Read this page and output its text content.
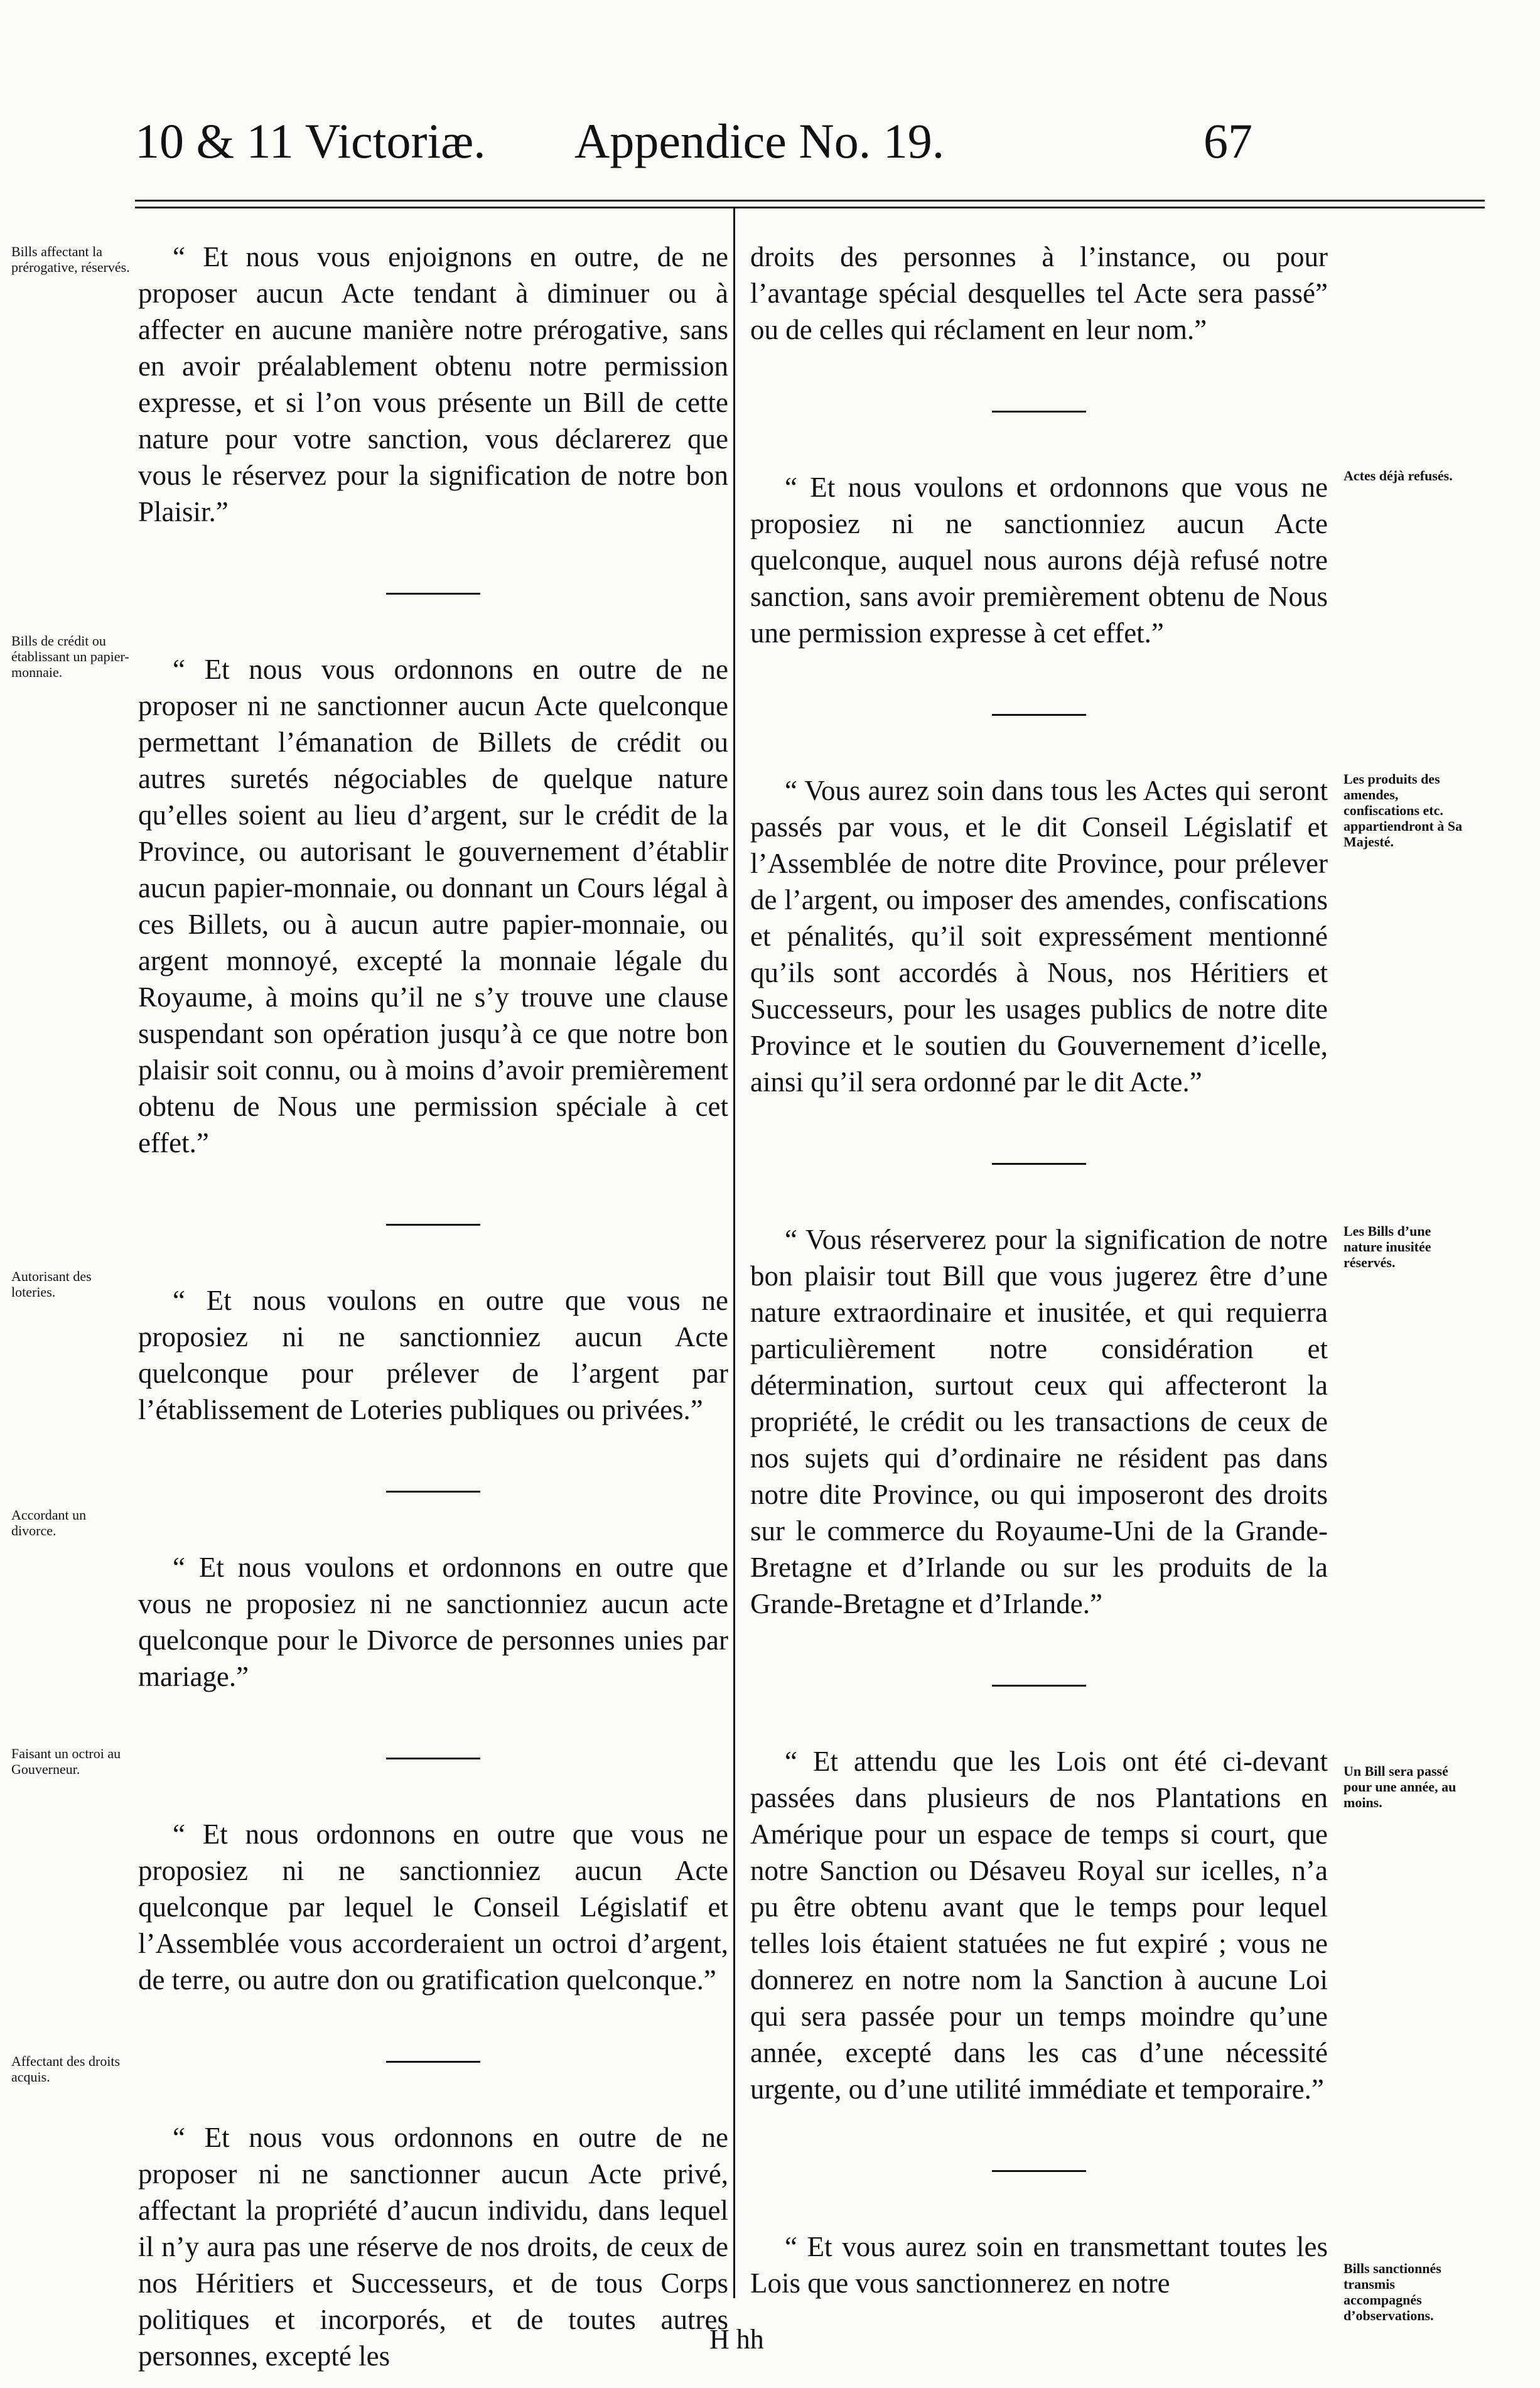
10 & 11 Victoriæ. Appendice No. 19.	67
Bills affectant la prérogative, réservés.
Bills de crédit ou établissant un papier-monnaie.
Autorisant des loteries.
Accordant un divorce.
Faisant un octroi au Gouverneur.
Affectant des droits acquis.
Actes déjà refusés.
Les produits des amendes, confiscations etc. appartiendront à Sa Majesté.
Les Bills d’une nature inusitée réservés.
Un Bill sera passé pour une année, au moins.
Bills sanctionnés transmis accompagnés d’observations.

“ Et nous vous enjoignons en outre, de ne proposer aucun Acte tendant à diminuer ou à affecter en aucune manière notre prérogative, sans en avoir préalablement obtenu notre permission expresse, et si l’on vous présente un Bill de cette nature pour votre sanction, vous déclarerez que vous le réservez pour la signification de notre bon Plaisir.”

“ Et nous vous ordonnons en outre de ne proposer ni ne sanctionner aucun Acte quelconque permettant l’émanation de Billets de crédit ou autres suretés négociables de quelque nature qu’elles soient au lieu d’argent, sur le crédit de la Province, ou autorisant le gouvernement d’établir aucun papier-monnaie, ou donnant un Cours légal à ces Billets, ou à aucun autre papier-monnaie, ou argent monnoyé, excepté la monnaie légale du Royaume, à moins qu’il ne s’y trouve une clause suspendant son opération jusqu’à ce que notre bon plaisir soit connu, ou à moins d’avoir premièrement obtenu de Nous une permission spéciale à cet effet.”

“ Et nous voulons en outre que vous ne proposiez ni ne sanctionniez aucun Acte quelconque pour prélever de l’argent par l’établissement de Loteries publiques ou privées.”

“ Et nous voulons et ordonnons en outre que vous ne proposiez ni ne sanctionniez aucun acte quelconque pour le Divorce de personnes unies par mariage.”

“ Et nous ordonnons en outre que vous ne proposiez ni ne sanctionniez aucun Acte quelconque par lequel le Conseil Législatif et l’Assemblée vous accorderaient un octroi d’argent, de terre, ou autre don ou gratification quelconque.”

“ Et nous vous ordonnons en outre de ne proposer ni ne sanctionner aucun Acte privé, affectant la propriété d’aucun individu, dans lequel il n’y aura pas une réserve de nos droits, de ceux de nos Héritiers et Successeurs, et de tous Corps politiques et incorporés, et de toutes autres personnes, excepté les

droits des personnes à l’instance, ou pour l’avantage spécial desquelles tel Acte sera passé” ou de celles qui réclament en leur nom.”

“ Et nous voulons et ordonnons que vous ne proposiez ni ne sanctionniez aucun Acte quelconque, auquel nous aurons déjà refusé notre sanction, sans avoir premièrement obtenu de Nous une permission expresse à cet effet.”

“ Vous aurez soin dans tous les Actes qui seront passés par vous, et le dit Conseil Législatif et l’Assemblée de notre dite Province, pour prélever de l’argent, ou imposer des amendes, confiscations et pénalités, qu’il soit expressément mentionné qu’ils sont accordés à Nous, nos Héritiers et Successeurs, pour les usages publics de notre dite Province et le soutien du Gouvernement d’icelle, ainsi qu’il sera ordonné par le dit Acte.”

“ Vous réserverez pour la signification de notre bon plaisir tout Bill que vous jugerez être d’une nature extraordinaire et inusitée, et qui requierra particulièrement notre considération et détermination, surtout ceux qui affecteront la propriété, le crédit ou les transactions de ceux de nos sujets qui d’ordinaire ne résident pas dans notre dite Province, ou qui imposeront des droits sur le commerce du Royaume-Uni de la Grande-Bretagne et d’Irlande ou sur les produits de la Grande-Bretagne et d’Irlande.”

“ Et attendu que les Lois ont été ci-devant passées dans plusieurs de nos Plantations en Amérique pour un espace de temps si court, que notre Sanction ou Désaveu Royal sur icelles, n’a pu être obtenu avant que le temps pour lequel telles lois étaient statuées ne fut expiré ; vous ne donnerez en notre nom la Sanction à aucune Loi qui sera passée pour un temps moindre qu’une année, excepté dans les cas d’une nécessité urgente, ou d’une utilité immédiate et temporaire.”

“ Et vous aurez soin en transmettant toutes les Lois que vous sanctionnerez en notre

H hh
